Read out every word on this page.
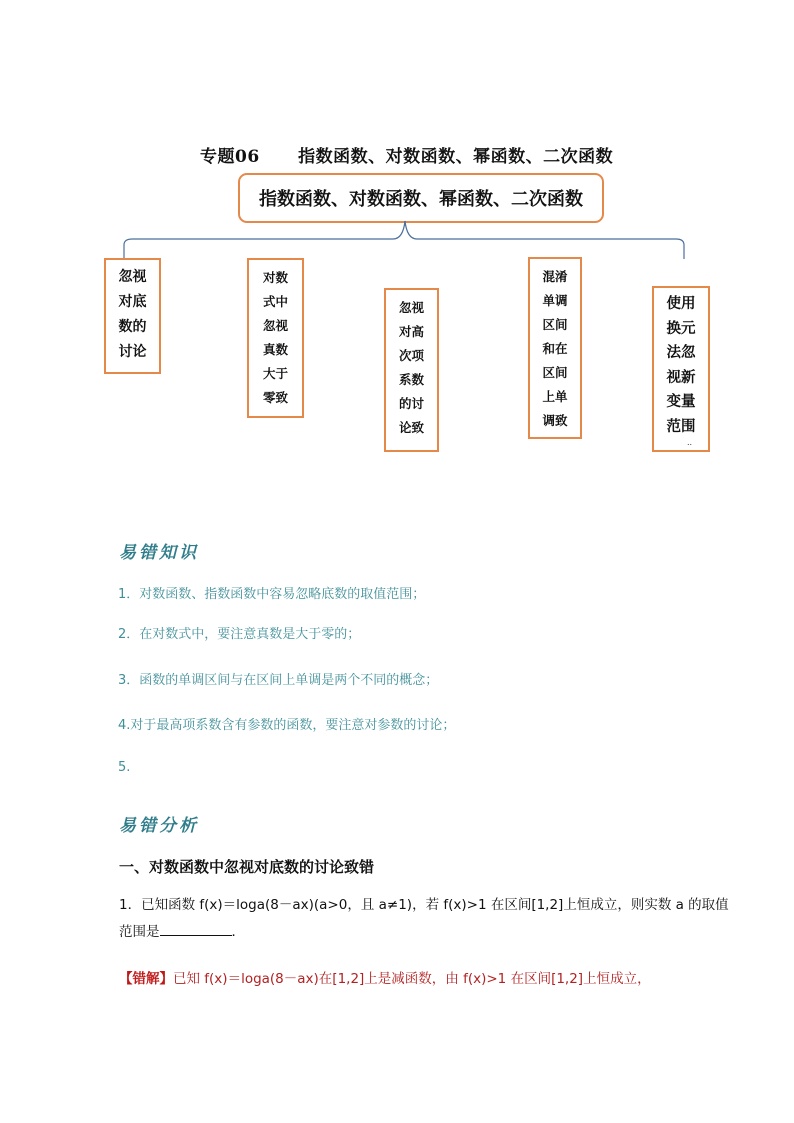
专题06      指数函数、对数函数、幂函数、二次函数
指数函数、对数函数、幂函数、二次函数
忽视
对底
数的
讨论
对数
式中
忽视
真数
大于
零致
忽视
对高
次项
系数
的讨
论致
混淆
单调
区间
和在
区间
上单
调致
使用
换元
法忽
视新
变量
范围
..
易错知识
1．对数函数、指数函数中容易忽略底数的取值范围；
2．在对数式中，要注意真数是大于零的；
3．函数的单调区间与在区间上单调是两个不同的概念；
4.对于最高项系数含有参数的函数，要注意对参数的讨论；
5.
易错分析
一、对数函数中忽视对底数的讨论致错
1．已知函数 f(x)＝loga(8－ax)(a>0，且 a≠1)，若 f(x)>1 在区间[1,2]上恒成立，则实数 a 的取值
范围是	．
【错解】已知 f(x)＝loga(8－ax)在[1,2]上是减函数，由 f(x)>1 在区间[1,2]上恒成立，
